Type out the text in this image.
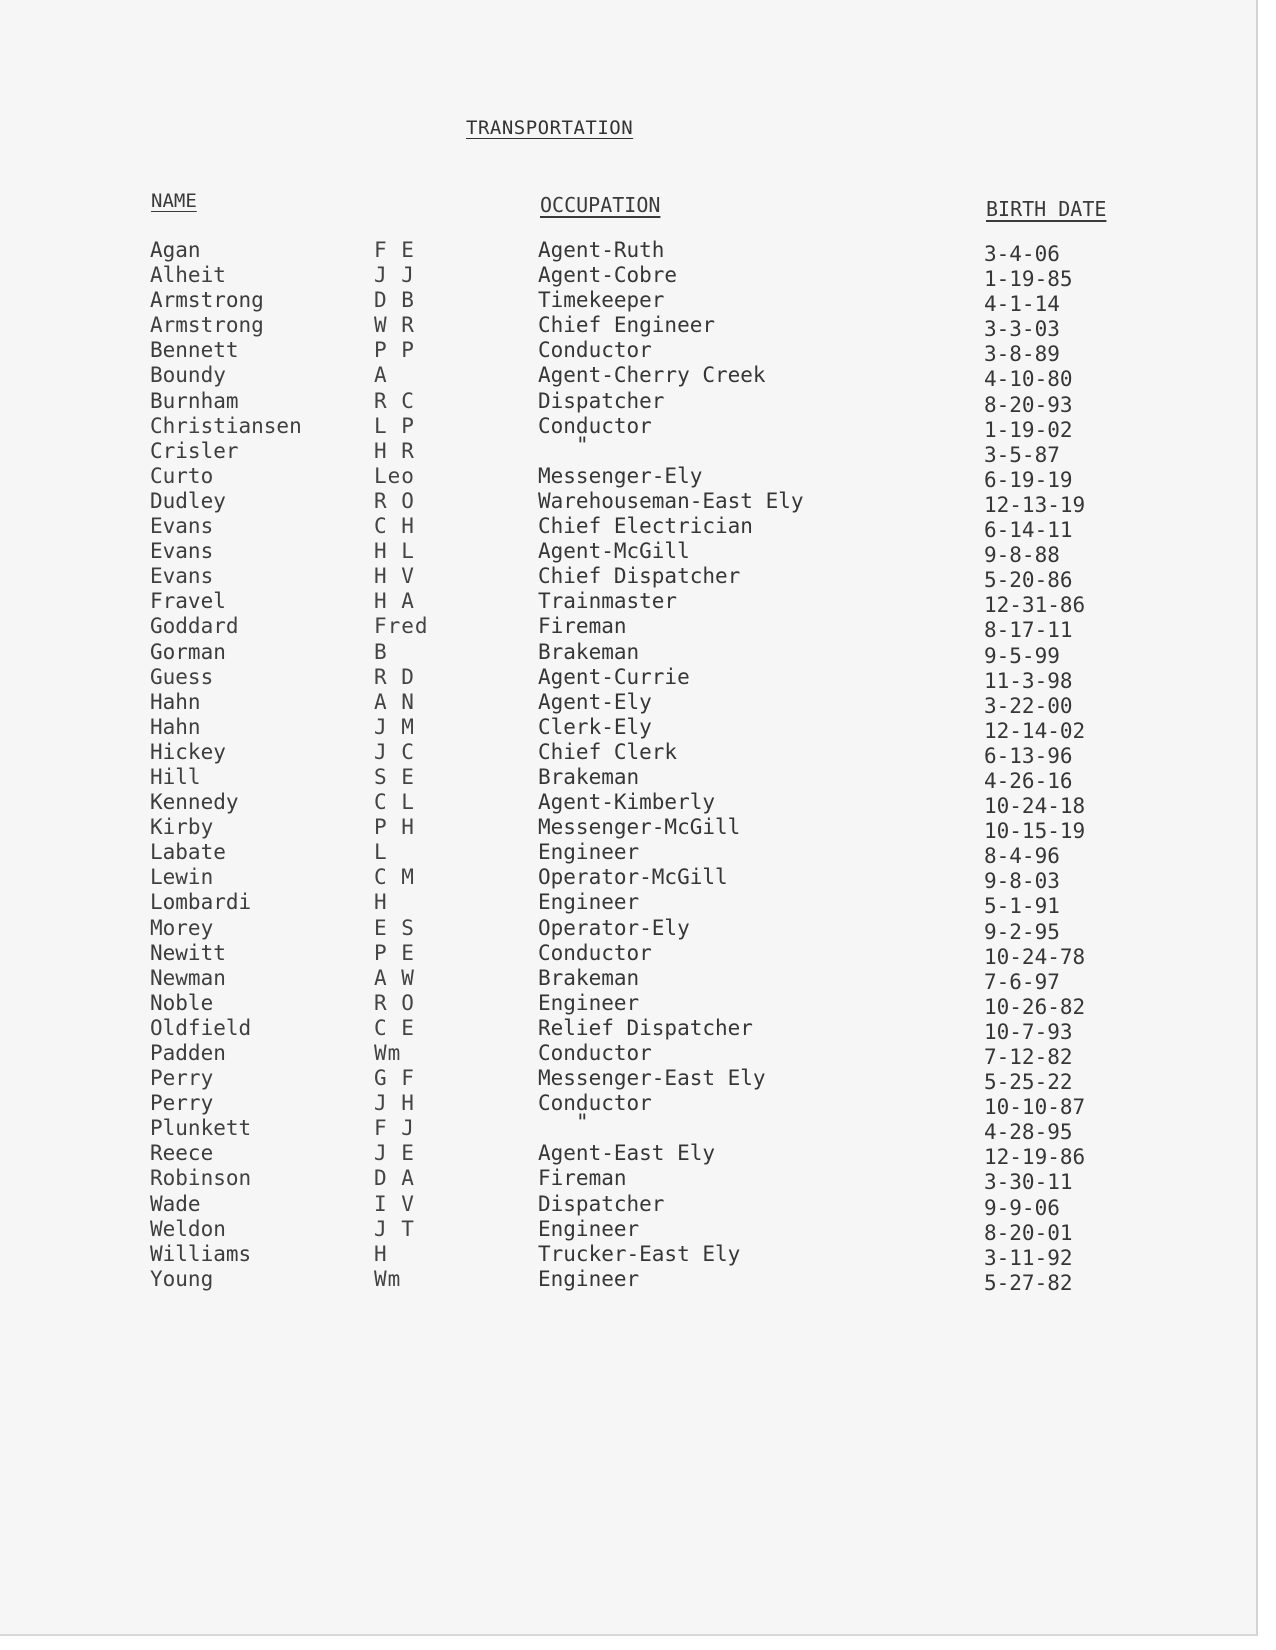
TRANSPORTATION
NAME	OCCUPATION	BIRTH DATE
Agan	F E	Agent-Ruth	3-4-06
Alheit	J J	Agent-Cobre	1-19-85
Armstrong	D B	Timekeeper	4-1-14
Armstrong	W R	Chief Engineer	3-3-03
Bennett	P P	Conductor	3-8-89
Boundy	A	Agent-Cherry Creek	4-10-80
Burnham	R C	Dispatcher	8-20-93
Christiansen	L P	Conductor	1-19-02
Crisler	H R	"	3-5-87
Curto	Leo	Messenger-Ely	6-19-19
Dudley	R O	Warehouseman-East Ely	12-13-19
Evans	C H	Chief Electrician	6-14-11
Evans	H L	Agent-McGill	9-8-88
Evans	H V	Chief Dispatcher	5-20-86
Fravel	H A	Trainmaster	12-31-86
Goddard	Fred	Fireman	8-17-11
Gorman	B	Brakeman	9-5-99
Guess	R D	Agent-Currie	11-3-98
Hahn	A N	Agent-Ely	3-22-00
Hahn	J M	Clerk-Ely	12-14-02
Hickey	J C	Chief Clerk	6-13-96
Hill	S E	Brakeman	4-26-16
Kennedy	C L	Agent-Kimberly	10-24-18
Kirby	P H	Messenger-McGill	10-15-19
Labate	L	Engineer	8-4-96
Lewin	C M	Operator-McGill	9-8-03
Lombardi	H	Engineer	5-1-91
Morey	E S	Operator-Ely	9-2-95
Newitt	P E	Conductor	10-24-78
Newman	A W	Brakeman	7-6-97
Noble	R O	Engineer	10-26-82
Oldfield	C E	Relief Dispatcher	10-7-93
Padden	Wm	Conductor	7-12-82
Perry	G F	Messenger-East Ely	5-25-22
Perry	J H	Conductor	10-10-87
Plunkett	F J	"	4-28-95
Reece	J E	Agent-East Ely	12-19-86
Robinson	D A	Fireman	3-30-11
Wade	I V	Dispatcher	9-9-06
Weldon	J T	Engineer	8-20-01
Williams	H	Trucker-East Ely	3-11-92
Young	Wm	Engineer	5-27-82
